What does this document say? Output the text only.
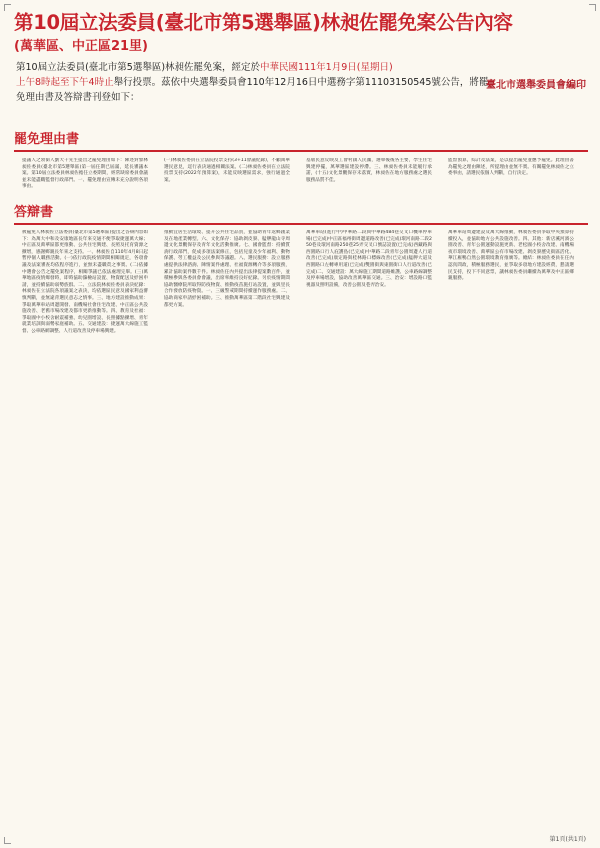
第10屆立法委員(臺北市第5選舉區)林昶佐罷免案公告內容
(萬華區、中正區21里)
第10屆立法委員(臺北市第5選舉區)林昶佐罷免案，經定於中華民國111年1月9日(星期日)
上午8時起至下午4時止舉行投票。茲依中央選舉委員會110年12月16日中選務字第11103150545號公告，將罷免理由書及答辯書刊登如下：
臺北市選舉委員會編印
罷免理由書

提議人之領銜人劉大千先生提出之罷免理由如下：陳述對象林昶佐委員(臺北市第5選舉區)第一屆任期已屆滿，延長審議本案。第10屆立法委員林昶佐擔任立委期間，經常缺席委員會議並未能盡職監督行政部門。一、罷免理由宣傳未充分說明各項事由。

(一)林昶佐委員在立法院投票支持(3+11會議紀錄)，不顧萬華選民意見，逕行表決通過相關法案。(二)林昶佐委員在立法院投票支持(2022年預算案)，未能反映選區需求，強行通過全案。

基層民意反映及工會村鎮人民團，選舉後後各主要，學生住宅興建停擺，萬華選區建設停滯。三、林昶佐委員未能履行承諾，(十五)文化景觀保存未落實，林昶佐在地方服務處之選民服務品質不佳。

監督預算，綜計及法案，是以提出罷免並應予罷免。此理由書為罷免之理由陳述，所提理由並無不實。有關罷免林昶佐之立委事由，請選民依個人判斷，自行決定。

答辯書

被罷免人林昶佐立法委員(臺北市第5選舉區)提出之答辯內容如下：為萬大中和及安康地區長年來交通不便爭取捷運萬大線；中正區及萬華區都更推動、公共住宅興建、長照及托育資源之擴增，感謝鄉親長年來之支持。一、林昶佐自110年4月8日起暫停個人職務活動。(一)依行政院疫情期間相關規定，各項會議及法案審查均依程序進行，並無未盡職責之事實。(二)依據中選會公告之罷免案程序，相關爭議已依法處理完畢。(三)萬華地區疫情爆發時，即時協助篩檢站設置、物資配送及紓困申請，並持續協助弱勢族群。二、立法院林昶佐委員表決紀錄：林昶佐在立法院各項議案之表決，均依選區民意及國家利益審慎判斷，並無違背選民意志之情事。三、地方建設推動成果：爭取萬華車站周邊開發、南機場社會住宅改建、中正區公共設施改善、老舊市場改建及都市更新推動等。四、教育及社福：爭取國中小校舍耐震補強、幼兒園增設、長照據點擴增、青年就業培訓與弱勢家庭補助。五、交通建設：捷運萬大線施工監督、公車路網調整、人行道改善及停車場興建。

推動宜居生活環境、提升公共住宅品質，並協助青年返鄉創業及在地產業轉型。六、文化保存：協助剝皮寮、艋舺龍山寺周邊文化景觀保存及青年文化活動推廣。七、國會監督：持續質詢行政部門，促成多項法案修正，包括兒童及少年福利、動物保護、勞工權益及公民參與等議題。八、選民服務：設立服務處提供法律諮詢、陳情案件處理、社福資源轉介等多項服務，累計協助案件數千件。林昶佐任內共提出法律提案數百件，並積極參與各委員會會議，出席率維持良好紀錄。另於疫情期間協助醫療院所取得防疫物資、推動疫苗施打站設置，並與里長合作發放防疫物資。一、三級警戒期間持續運作服務處。二、協助商家申請紓困補助。三、推動萬華區第二階段社宅興建及都更方案。

萬華車站(進行中)中華路二段與中華路484巷交叉口機車停車場(已完成)中正區福州街周邊道路改善(已完成)環河南路二段250巷及環河南路250巷25弄交叉口號誌設置(已完成)西藏路與西園路口行人庇護島(已完成)中華路二段青年公園周邊人行道改善(已完成)康定路與桂林路口標線改善(已完成)艋舺大道及西園路口左轉專用道(已完成)雙園街與東園街口人行道改善(已完成)二、交通建設：萬大線施工期間道路維護、公車路線調整及停車場增設，協助改善萬華區交通。三、治安：增設路口監視器及照明設備，改善公園及巷弄治安。

萬華車站周邊建設及萬大線推動，林昶佐委員爭取中央預算持續投入，並協助地方公共設施改善。四、其他：新店溪河濱公園改善、青年公園運動設施更新、老松國小校舍改建、南機場夜市環境改善、萬華區公有市場改建、剝皮寮歷史街區活化、華江雁鴨自然公園環境教育推廣等。總結：林昶佐委員在任內認真問政，積極服務選民，並爭取多項地方建設經費，懇請選民支持，投下不同意票，讓林昶佐委員繼續為萬華及中正區鄉親服務。

第1頁(共1頁)
